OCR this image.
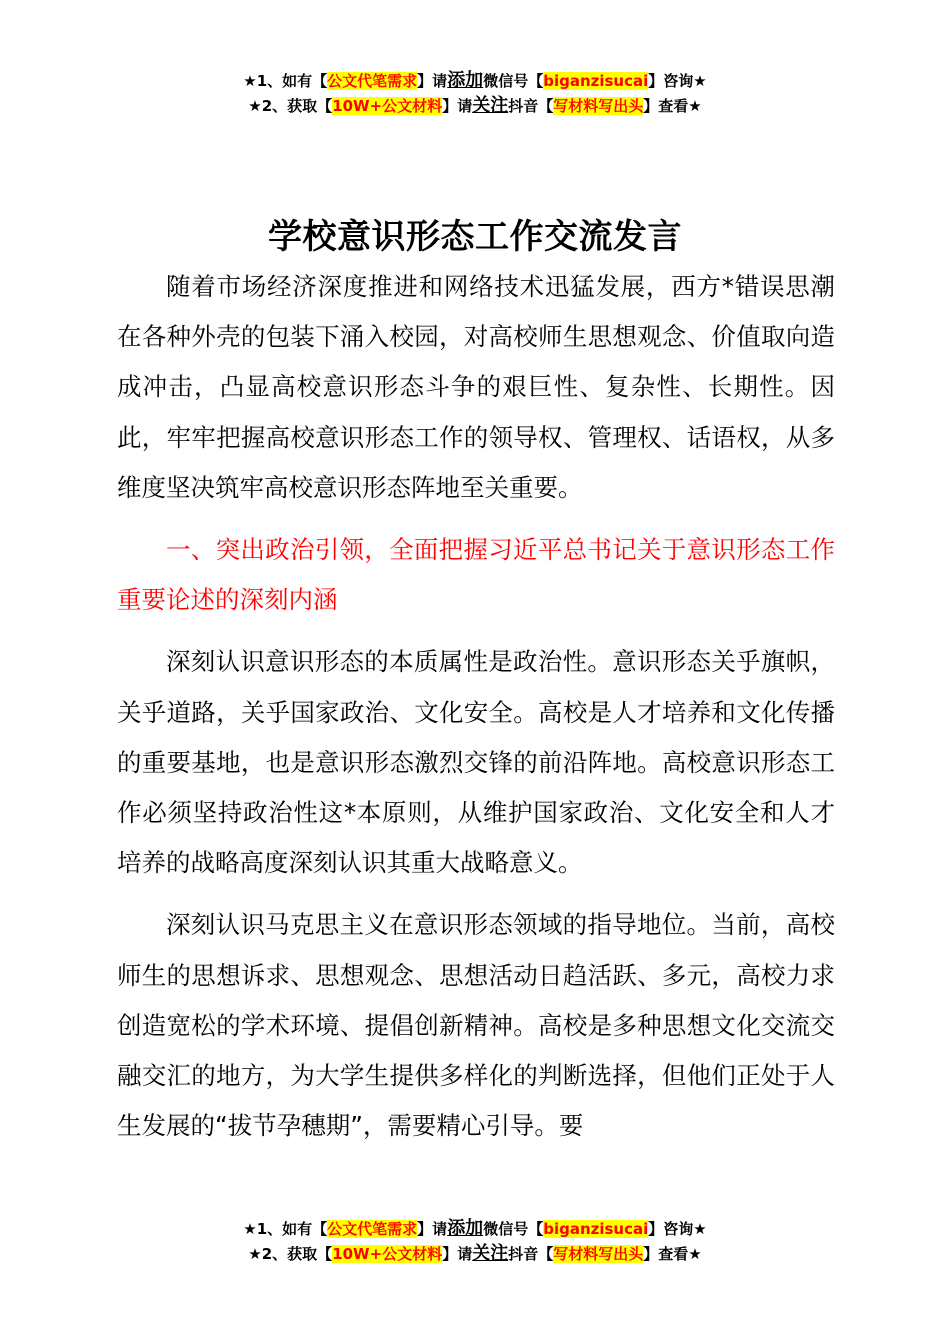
★1、如有【公文代笔需求】请添加微信号【biganzisucai】咨询★
★2、获取【10W+公文材料】请关注抖音【写材料写出头】查看★
学校意识形态工作交流发言

随着市场经济深度推进和网络技术迅猛发展，西方*错误思潮在各种外壳的包装下涌入校园，对高校师生思想观念、价值取向造成冲击，凸显高校意识形态斗争的艰巨性、复杂性、长期性。因此，牢牢把握高校意识形态工作的领导权、管理权、话语权，从多维度坚决筑牢高校意识形态阵地至关重要。

一、突出政治引领，全面把握习近平总书记关于意识形态工作重要论述的深刻内涵

深刻认识意识形态的本质属性是政治性。意识形态关乎旗帜，关乎道路，关乎国家政治、文化安全。高校是人才培养和文化传播的重要基地，也是意识形态激烈交锋的前沿阵地。高校意识形态工作必须坚持政治性这*本原则，从维护国家政治、文化安全和人才培养的战略高度深刻认识其重大战略意义。

深刻认识马克思主义在意识形态领域的指导地位。当前，高校师生的思想诉求、思想观念、思想活动日趋活跃、多元，高校力求创造宽松的学术环境、提倡创新精神。高校是多种思想文化交流交融交汇的地方，为大学生提供多样化的判断选择，但他们正处于人生发展的“拔节孕穗期”，需要精心引导。要

★1、如有【公文代笔需求】请添加微信号【biganzisucai】咨询★
★2、获取【10W+公文材料】请关注抖音【写材料写出头】查看★
